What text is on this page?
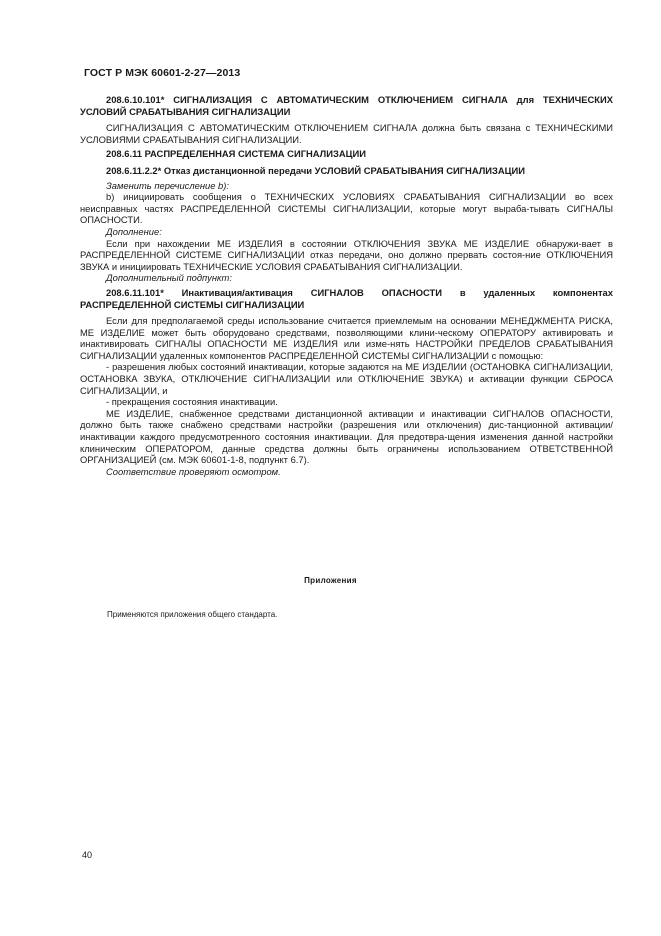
ГОСТ Р МЭК 60601-2-27—2013

208.6.10.101* СИГНАЛИЗАЦИЯ С АВТОМАТИЧЕСКИМ ОТКЛЮЧЕНИЕМ СИГНАЛА для ТЕХНИЧЕСКИХ УСЛОВИЙ СРАБАТЫВАНИЯ СИГНАЛИЗАЦИИ

СИГНАЛИЗАЦИЯ С АВТОМАТИЧЕСКИМ ОТКЛЮЧЕНИЕМ СИГНАЛА должна быть связана с ТЕХНИЧЕСКИМИ УСЛОВИЯМИ СРАБАТЫВАНИЯ СИГНАЛИЗАЦИИ.

208.6.11 РАСПРЕДЕЛЕННАЯ СИСТЕМА СИГНАЛИЗАЦИИ

208.6.11.2.2* Отказ дистанционной передачи УСЛОВИЙ СРАБАТЫВАНИЯ СИГНАЛИЗАЦИИ

Заменить перечисление b):

b) инициировать сообщения о ТЕХНИЧЕСКИХ УСЛОВИЯХ СРАБАТЫВАНИЯ СИГНАЛИЗАЦИИ во всех неисправных частях РАСПРЕДЕЛЕННОЙ СИСТЕМЫ СИГНАЛИЗАЦИИ, которые могут выраба-тывать СИГНАЛЫ ОПАСНОСТИ.

Дополнение:

Если при нахождении МЕ ИЗДЕЛИЯ в состоянии ОТКЛЮЧЕНИЯ ЗВУКА МЕ ИЗДЕЛИЕ обнаружи-вает в РАСПРЕДЕЛЕННОЙ СИСТЕМЕ СИГНАЛИЗАЦИИ отказ передачи, оно должно прервать состоя-ние ОТКЛЮЧЕНИЯ ЗВУКА и инициировать ТЕХНИЧЕСКИЕ УСЛОВИЯ СРАБАТЫВАНИЯ СИГНАЛИЗАЦИИ.

Дополнительный подпункт:

208.6.11.101* Инактивация/активация СИГНАЛОВ ОПАСНОСТИ в удаленных компонентах РАСПРЕДЕЛЕННОЙ СИСТЕМЫ СИГНАЛИЗАЦИИ

Если для предполагаемой среды использование считается приемлемым на основании МЕНЕДЖМЕНТА РИСКА, МЕ ИЗДЕЛИЕ может быть оборудовано средствами, позволяющими клини-ческому ОПЕРАТОРУ активировать и инактивировать СИГНАЛЫ ОПАСНОСТИ МЕ ИЗДЕЛИЯ или изме-нять НАСТРОЙКИ ПРЕДЕЛОВ СРАБАТЫВАНИЯ СИГНАЛИЗАЦИИ удаленных компонентов РАСПРЕДЕЛЕННОЙ СИСТЕМЫ СИГНАЛИЗАЦИИ с помощью:

- разрешения любых состояний инактивации, которые задаются на МЕ ИЗДЕЛИИ (ОСТАНОВКА СИГНАЛИЗАЦИИ, ОСТАНОВКА ЗВУКА, ОТКЛЮЧЕНИЕ СИГНАЛИЗАЦИИ или ОТКЛЮЧЕНИЕ ЗВУКА) и активации функции СБРОСА СИГНАЛИЗАЦИИ, и

- прекращения состояния инактивации.

МЕ ИЗДЕЛИЕ, снабженное средствами дистанционной активации и инактивации СИГНАЛОВ ОПАСНОСТИ, должно быть также снабжено средствами настройки (разрешения или отключения) дис-танционной активации/инактивации каждого предусмотренного состояния инактивации. Для предотвра-щения изменения данной настройки клиническим ОПЕРАТОРОМ, данные средства должны быть ограничены использованием ОТВЕТСТВЕННОЙ ОРГАНИЗАЦИЕЙ (см. МЭК 60601-1-8, подпункт 6.7).

Соответствие проверяют осмотром.

Приложения
Применяются приложения общего стандарта.
40
